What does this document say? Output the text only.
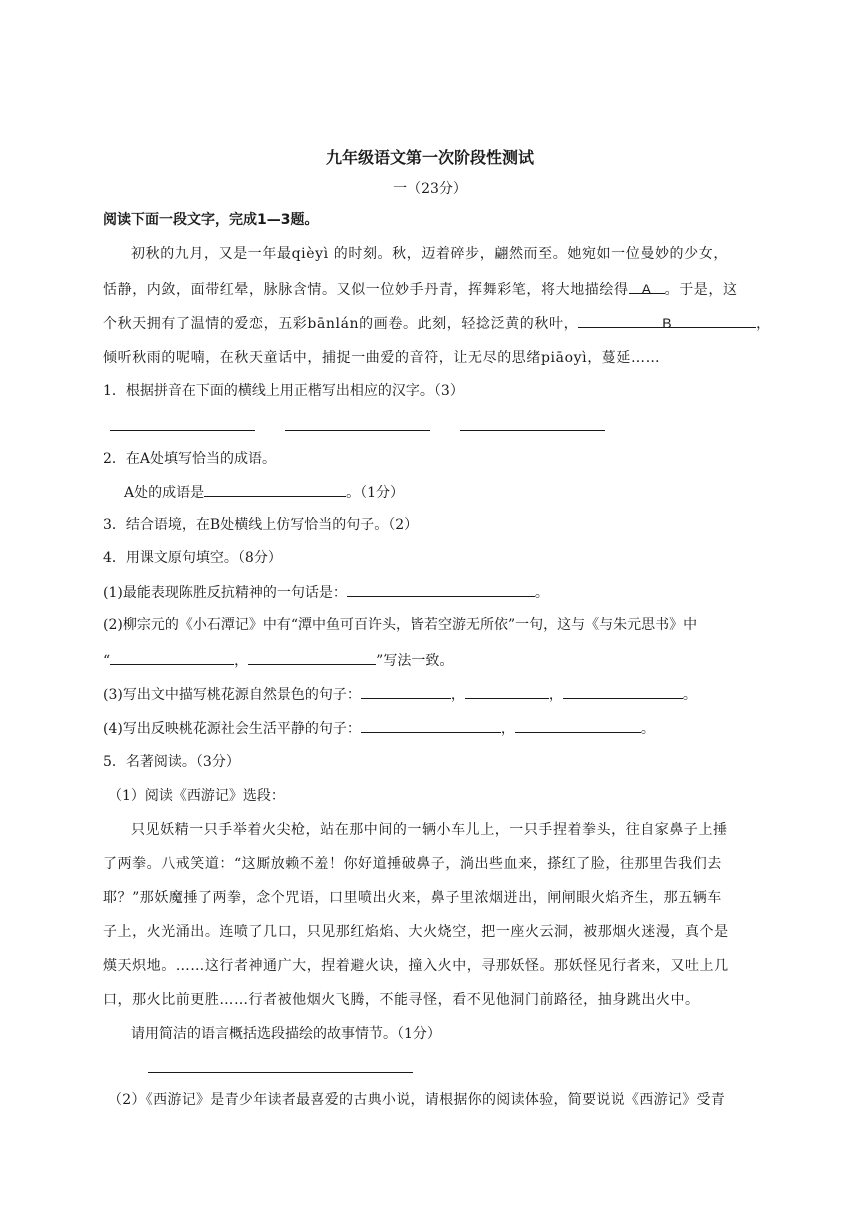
九年级语文第一次阶段性测试
一（23分）
阅读下面一段文字，完成1—3题。
初秋的九月，又是一年最qièyì 的时刻。秋，迈着碎步，翩然而至。她宛如一位曼妙的少女，
恬静，内敛，面带红晕，脉脉含情。又似一位妙手丹青，挥舞彩笔，将大地描绘得 A 。于是，这
个秋天拥有了温情的爱恋，五彩bānlán的画卷。此刻，轻捻泛黄的秋叶，	B	，
倾听秋雨的呢喃，在秋天童话中，捕捉一曲爱的音符，让无尽的思绪piāoyì，蔓延……
1．根据拼音在下面的横线上用正楷写出相应的汉字。（3）
2．在A处填写恰当的成语。
A处的成语是	。（1分）
3．结合语境，在B处横线上仿写恰当的句子。（2）
4．用课文原句填空。（8分）
(1)最能表现陈胜反抗精神的一句话是：	。
(2)柳宗元的《小石潭记》中有“潭中鱼可百许头，皆若空游无所依”一句，这与《与朱元思书》中
“	，	”写法一致。
(3)写出文中描写桃花源自然景色的句子：	，	，	。
(4)写出反映桃花源社会生活平静的句子：	，	。
5．名著阅读。（3分）
（1）阅读《西游记》选段：
只见妖精一只手举着火尖枪，站在那中间的一辆小车儿上，一只手捏着拳头，往自家鼻子上捶
了两拳。八戒笑道：“这厮放赖不羞！你好道捶破鼻子，淌出些血来，搽红了脸，往那里告我们去
耶？”那妖魔捶了两拳，念个咒语，口里喷出火来，鼻子里浓烟迸出，闸闸眼火焰齐生，那五辆车
子上，火光涌出。连喷了几口，只见那红焰焰、大火烧空，把一座火云洞，被那烟火迷漫，真个是
熯天炽地。……这行者神通广大，捏着避火诀，撞入火中，寻那妖怪。那妖怪见行者来，又吐上几
口，那火比前更胜……行者被他烟火飞腾，不能寻怪，看不见他洞门前路径，抽身跳出火中。
请用简洁的语言概括选段描绘的故事情节。（1分）
（2）《西游记》是青少年读者最喜爱的古典小说，请根据你的阅读体验，简要说说《西游记》受青
